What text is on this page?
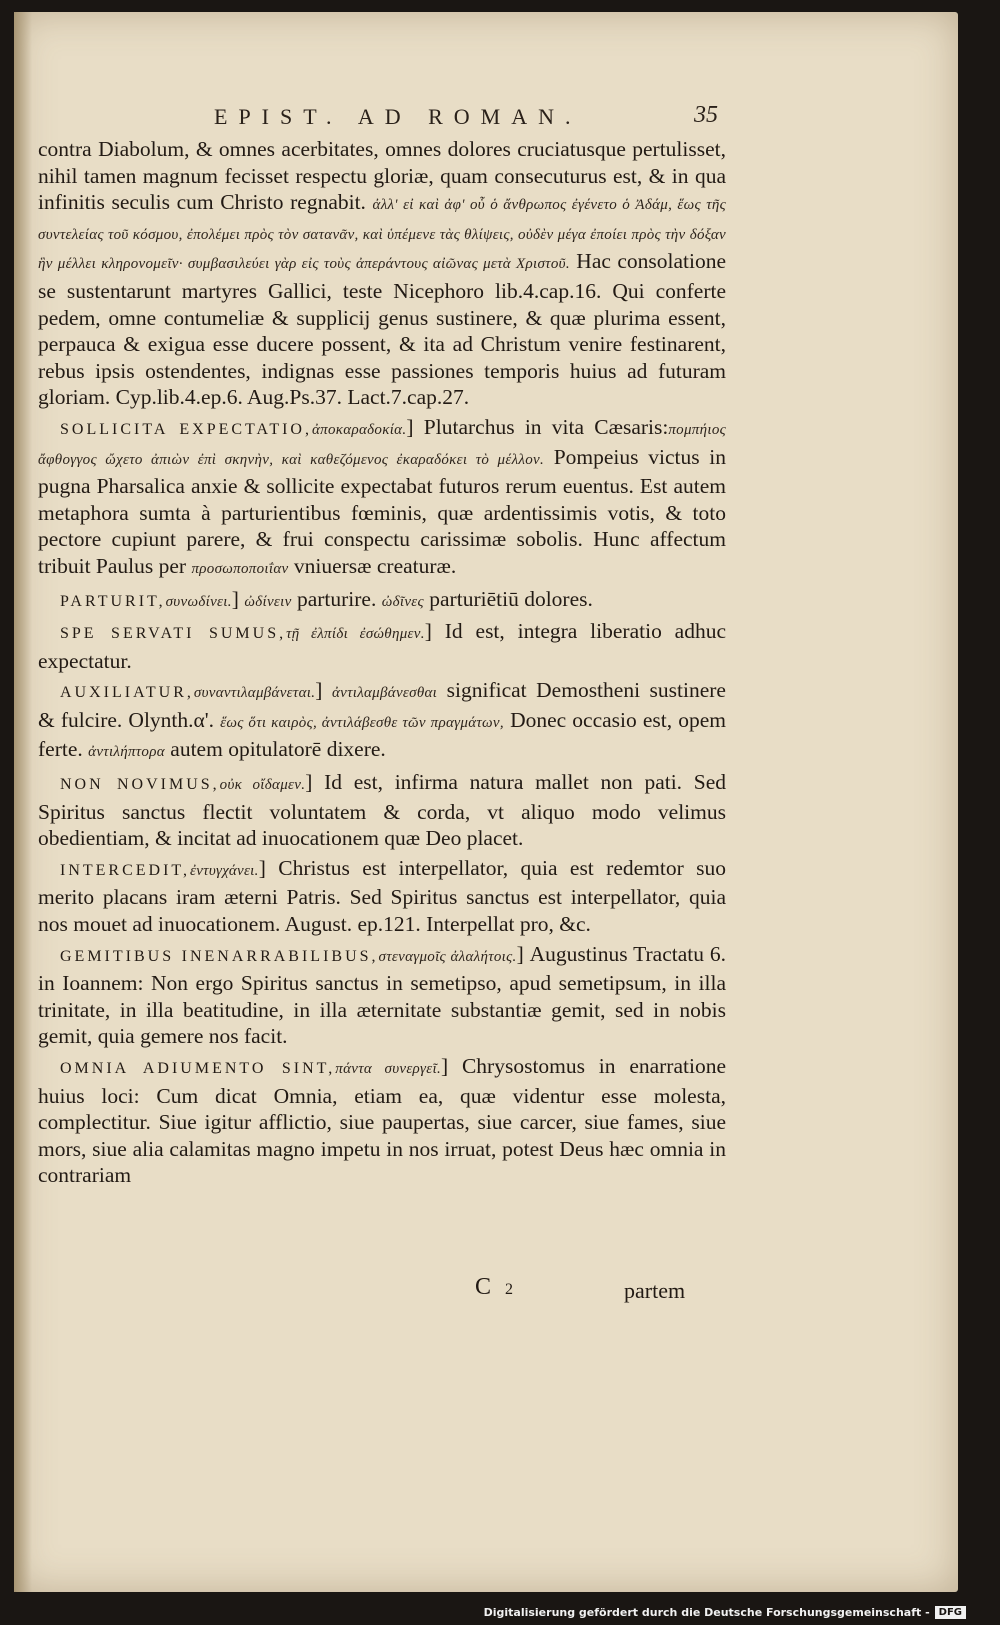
EPIST. AD ROMAN.	35

contra Diabolum, & omnes acerbitates, omnes dolores cruciatusque pertulisset, nihil tamen magnum fecisset respectu gloriæ, quam consecuturus est, & in qua infinitis seculis cum Christo regnabit. ἀλλ' εἰ καὶ ἀφ' οὗ ὁ ἄνθρωπος ἐγένετο ὁ Ἀδάμ, ἕως τῆς συντελείας τοῦ κόσμου, ἐπολέμει πρὸς τὸν σατανᾶν, καὶ ὑπέμενε τὰς θλίψεις, οὐδὲν μέγα ἐποίει πρὸς τὴν δόξαν ἣν μέλλει κληρονομεῖν· συμβασιλεύει γὰρ εἰς τοὺς ἀπεράντους αἰῶνας μετὰ Χριστοῦ. Hac consolatione se sustentarunt martyres Gallici, teste Nicephoro lib.4.cap.16. Qui conferte pedem, omne contumeliæ & supplicij genus sustinere, & quæ plurima essent, perpauca & exigua esse ducere possent, & ita ad Christum venire festinarent, rebus ipsis ostendentes, indignas esse passiones temporis huius ad futuram gloriam. Cyp.lib.4.ep.6. Aug.Ps.37. Lact.7.cap.27.

SOLLICITA EXPECTATIO,ἀποκαραδοκία.] Plutarchus in vita Cæsaris:πομπήιος ἄφθογγος ὤχετο ἀπιὼν ἐπὶ σκηνὴν, καὶ καθεζόμενος ἐκαραδόκει τὸ μέλλον. Pompeius victus in pugna Pharsalica anxie & sollicite expectabat futuros rerum euentus. Est autem metaphora sumta à parturientibus fœminis, quæ ardentissimis votis, & toto pectore cupiunt parere, & frui conspectu carissimæ sobolis. Hunc affectum tribuit Paulus per προσωποποιΐαν vniuersæ creaturæ.

PARTURIT,συνωδίνει.] ὠδίνειν parturire. ὠδῖνες parturiētiū dolores.

SPE SERVATI SUMUS,τῇ ἐλπίδι ἐσώθημεν.] Id est, integra liberatio adhuc expectatur.

AUXILIATUR,συναντιλαμβάνεται.] ἀντιλαμβάνεσθαι significat Demostheni sustinere & fulcire. Olynth.α'. ἕως ὅτι καιρὸς, ἀντιλάβεσθε τῶν πραγμάτων, Donec occasio est, opem ferte. ἀντιλήπτορα autem opitulatorē dixere.

NON NOVIMUS,οὐκ οἴδαμεν.] Id est, infirma natura mallet non pati. Sed Spiritus sanctus flectit voluntatem & corda, vt aliquo modo velimus obedientiam, & incitat ad inuocationem quæ Deo placet.

INTERCEDIT,ἐντυγχάνει.] Christus est interpellator, quia est redemtor suo merito placans iram æterni Patris. Sed Spiritus sanctus est interpellator, quia nos mouet ad inuocationem. August. ep.121. Interpellat pro, &c.

GEMITIBUS INENARRABILIBUS,στεναγμοῖς ἀλαλήτοις.] Augustinus Tractatu 6. in Ioannem: Non ergo Spiritus sanctus in semetipso, apud semetipsum, in illa trinitate, in illa beatitudine, in illa æternitate substantiæ gemit, sed in nobis gemit, quia gemere nos facit.

OMNIA ADIUMENTO SINT,πάντα συνεργεῖ.] Chrysostomus in enarratione huius loci: Cum dicat Omnia, etiam ea, quæ videntur esse molesta, complectitur. Siue igitur afflictio, siue paupertas, siue carcer, siue fames, siue mors, siue alia calamitas magno impetu in nos irruat, potest Deus hæc omnia in contrariam

C 2	partem
Digitalisierung gefördert durch die Deutsche Forschungsgemeinschaft - DFG
